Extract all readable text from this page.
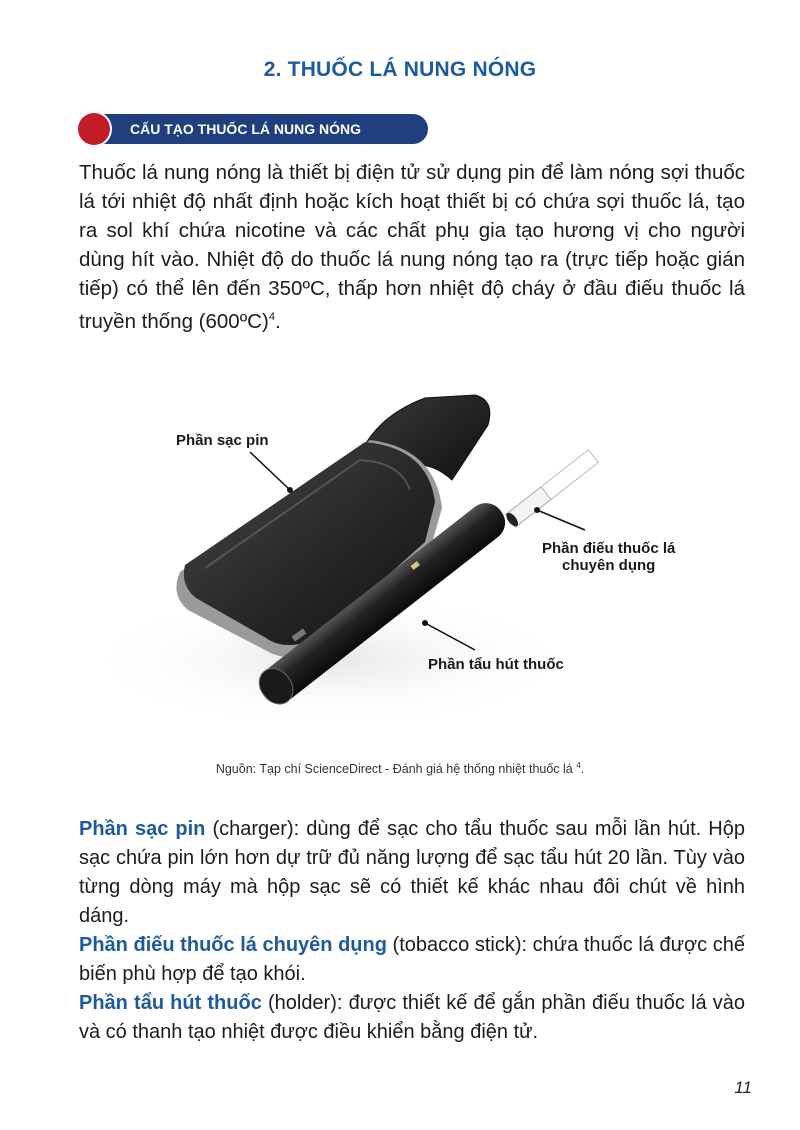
2. THUỐC LÁ NUNG NÓNG
CẤU TẠO THUỐC LÁ NUNG NÓNG
Thuốc lá nung nóng là thiết bị điện tử sử dụng pin để làm nóng sợi thuốc lá tới nhiệt độ nhất định hoặc kích hoạt thiết bị có chứa sợi thuốc lá, tạo ra sol khí chứa nicotine và các chất phụ gia tạo hương vị cho người dùng hít vào. Nhiệt độ do thuốc lá nung nóng tạo ra (trực tiếp hoặc gián tiếp) có thể lên đến 350ºC, thấp hơn nhiệt độ cháy ở đầu điếu thuốc lá truyền thống (600ºC)$^4$.
Phần sạc pin
Phần điếu thuốc lá
chuyên dụng
Phần tẩu hút thuốc
Nguồn: Tạp chí ScienceDirect - Đánh giá hệ thống nhiệt thuốc lá $^4$.

Phần sạc pin (charger): dùng để sạc cho tẩu thuốc sau mỗi lần hút. Hộp sạc chứa pin lớn hơn dự trữ đủ năng lượng để sạc tẩu hút 20 lần. Tùy vào từng dòng máy mà hộp sạc sẽ có thiết kế khác nhau đôi chút về hình dáng.

Phần điếu thuốc lá chuyên dụng (tobacco stick): chứa thuốc lá được chế biến phù hợp để tạo khói.

Phần tẩu hút thuốc (holder): được thiết kế để gắn phần điếu thuốc lá vào và có thanh tạo nhiệt được điều khiển bằng điện tử.

11
